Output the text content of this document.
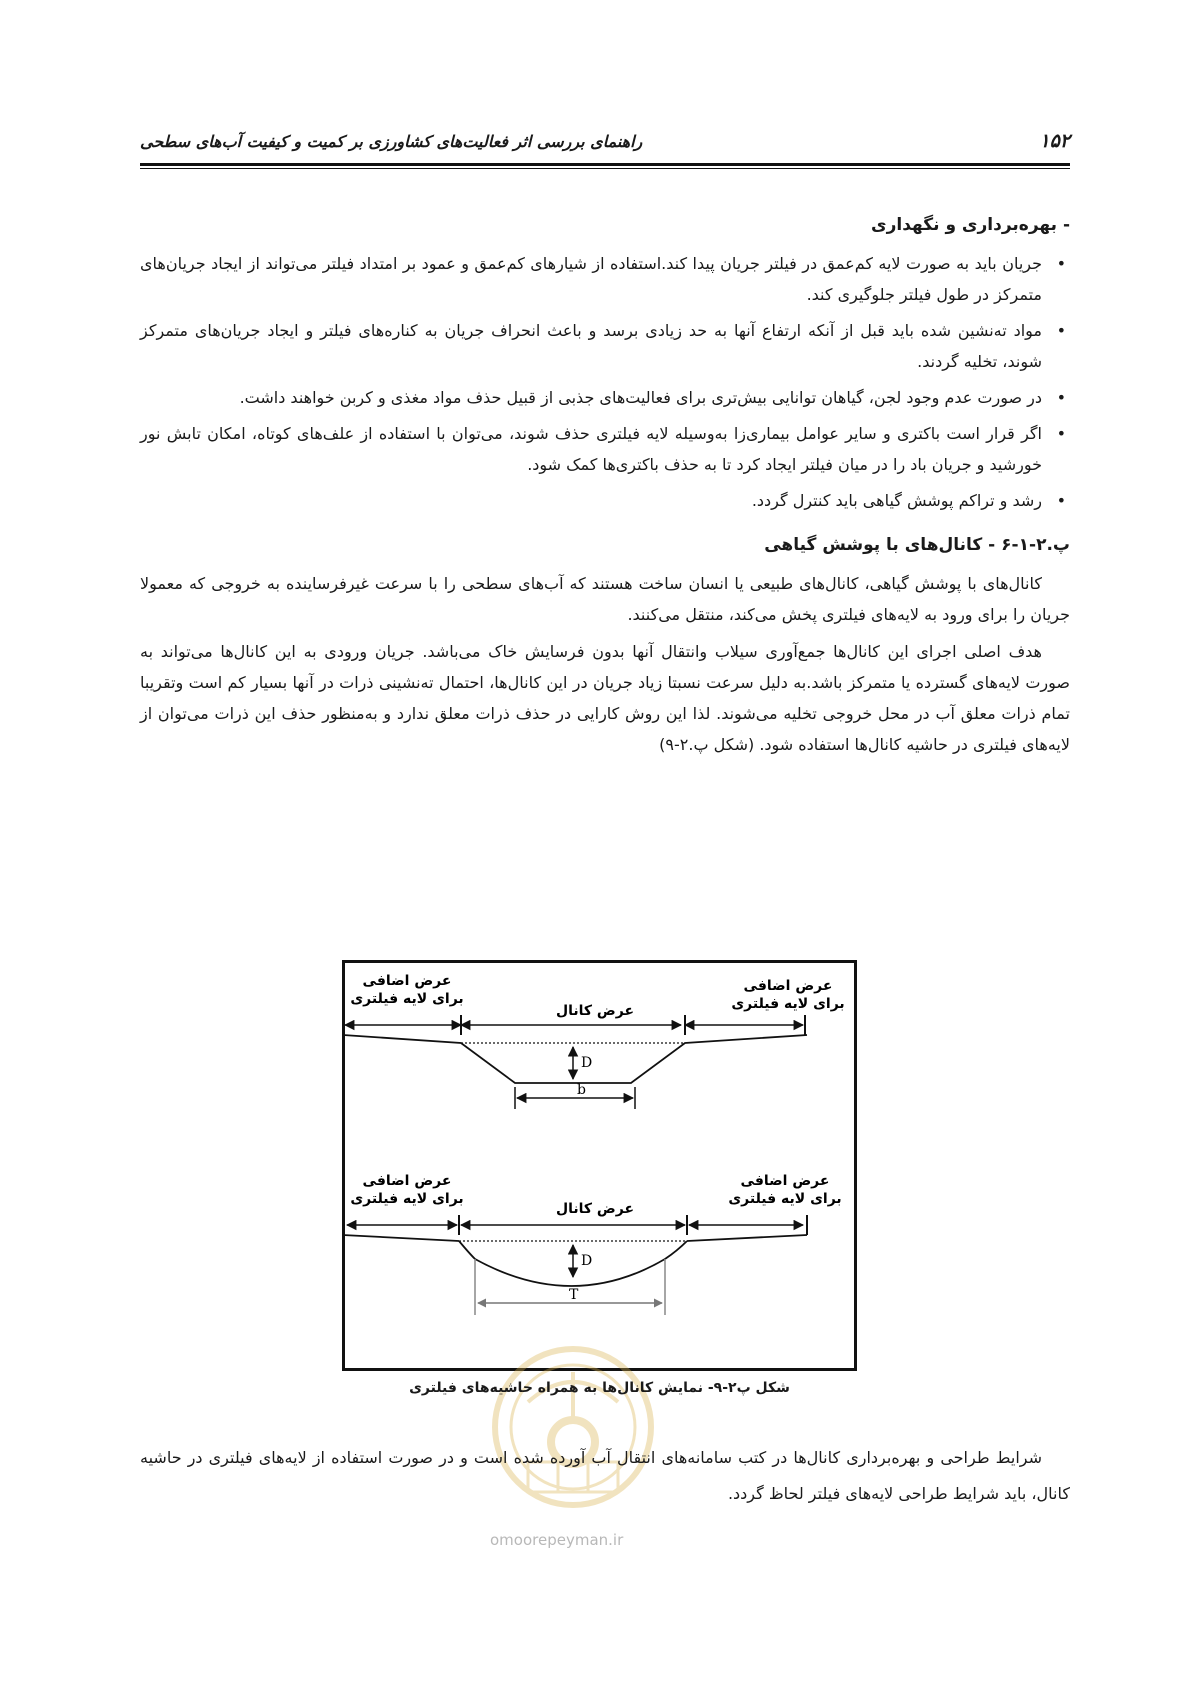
۱۵۲
راهنمای بررسی اثر فعالیت‌های کشاورزی بر کمیت و کیفیت آب‌های سطحی
- بهره‌برداری و نگهداری
•
جریان باید به صورت لایه کم‌عمق در فیلتر جریان پیدا کند.استفاده از شیارهای کم‌عمق و عمود بر امتداد فیلتر می‌تواند از ایجاد جریان‌های متمرکز در طول فیلتر جلوگیری کند.
•
مواد ته‌نشین شده باید قبل از آنکه ارتفاع آنها به حد زیادی برسد و باعث انحراف جریان به کناره‌های فیلتر و ایجاد جریان‌های متمرکز شوند، تخلیه گردند.
•
در صورت عدم وجود لجن، گیاهان توانایی بیش‌تری برای فعالیت‌های جذبی از قبیل حذف مواد مغذی و کربن خواهند داشت.
•
اگر قرار است باکتری و سایر عوامل بیماری‌زا به‌وسیله لایه فیلتری حذف شوند، می‌توان با استفاده از علف‌های کوتاه، امکان تابش نور خورشید و جریان باد را در میان فیلتر ایجاد کرد تا به حذف باکتری‌ها کمک شود.
•
رشد و تراکم پوشش گیاهی باید کنترل گردد.
پ.۲-۱-۶ - کانال‌های با پوشش گیاهی

کانال‌های با پوشش گیاهی، کانال‌های طبیعی یا انسان ساخت هستند که آب‌های سطحی را با سرعت غیرفرساینده به خروجی که معمولا جریان را برای ورود به لایه‌های فیلتری پخش می‌کند، منتقل می‌کنند.

هدف اصلی اجرای این کانال‌ها جمع‌آوری سیلاب وانتقال آنها بدون فرسایش خاک می‌باشد. جریان ورودی به این کانال‌ها می‌تواند به صورت لایه‌های گسترده یا متمرکز باشد.به دلیل سرعت نسبتا زیاد جریان در این کانال‌ها، احتمال ته‌نشینی ذرات در آنها بسیار کم است وتقریبا تمام ذرات معلق آب در محل خروجی تخلیه می‌شوند. لذا این روش کارایی در حذف ذرات معلق ندارد و به‌منظور حذف این ذرات می‌توان از لایه‌های فیلتری در حاشیه کانال‌ها استفاده شود. (شکل پ.۲-۹)

عرض اضافی
برای لایه فیلتری
عرض اضافی
برای لایه فیلتری
عرض کانال
D
b
عرض اضافی
برای لایه فیلتری
عرض اضافی
برای لایه فیلتری
عرض کانال
D
T
شکل پ۲-۹- نمایش کانال‌ها به همراه حاشیه‌های فیلتری

شرایط طراحی و بهره‌برداری کانال‌ها در کتب سامانه‌های انتقال آب آورده شده است و در صورت استفاده از لایه‌های فیلتری در حاشیه کانال، باید شرایط طراحی لایه‌های فیلتر لحاظ گردد.

omoorepeyman.ir
